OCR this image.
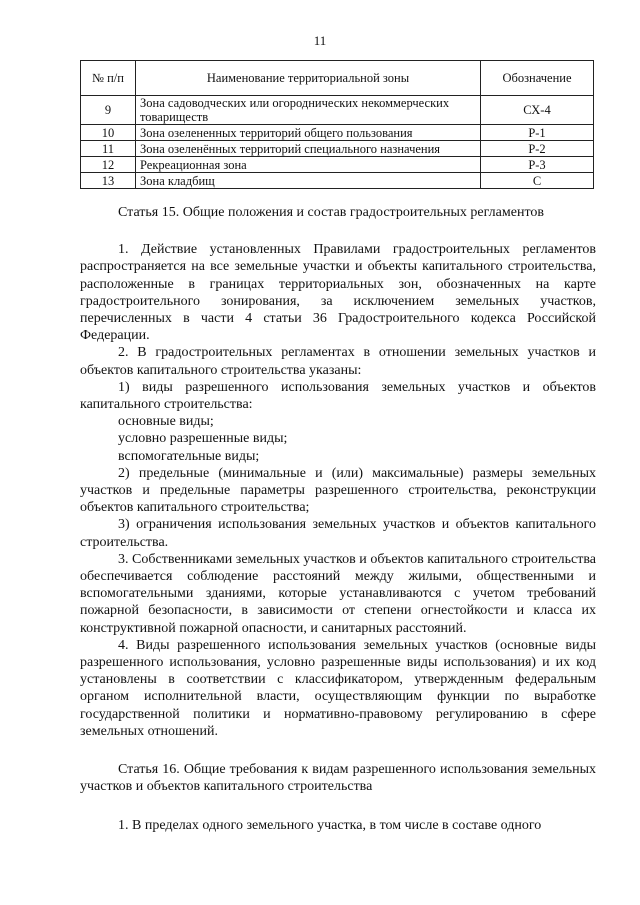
11
№ п/п	Наименование территориальной зоны	Обозначение
9	Зона садоводческих или огороднических некоммерческих товариществ	СХ-4
10	Зона озелененных территорий общего пользования	Р-1
11	Зона озеленённых территорий специального назначения	Р-2
12	Рекреационная зона	Р-3
13	Зона кладбищ	С

Статья 15. Общие положения и состав градостроительных регламентов

1. Действие установленных Правилами градостроительных регламентов распространяется на все земельные участки и объекты капитального строительства, расположенные в границах территориальных зон, обозначенных на карте градостроительного зонирования, за исключением земельных участков, перечисленных в части 4 статьи 36 Градостроительного кодекса Российской Федерации.

2. В градостроительных регламентах в отношении земельных участков и объектов капитального строительства указаны:

1) виды разрешенного использования земельных участков и объектов капитального строительства:

основные виды;

условно разрешенные виды;

вспомогательные виды;

2) предельные (минимальные и (или) максимальные) размеры земельных участков и предельные параметры разрешенного строительства, реконструкции объектов капитального строительства;

3) ограничения использования земельных участков и объектов капитального строительства.

3. Собственниками земельных участков и объектов капитального строительства обеспечивается соблюдение расстояний между жилыми, общественными и вспомогательными зданиями, которые устанавливаются с учетом требований пожарной безопасности, в зависимости от степени огнестойкости и класса их конструктивной пожарной опасности, и санитарных расстояний.

4. Виды разрешенного использования земельных участков (основные виды разрешенного использования, условно разрешенные виды использования) и их код установлены в соответствии с классификатором, утвержденным федеральным органом исполнительной власти, осуществляющим функции по выработке государственной политики и нормативно-правовому регулированию в сфере земельных отношений.

Статья 16. Общие требования к видам разрешенного использования земельных участков и объектов капитального строительства

1. В пределах одного земельного участка, в том числе в составе одного
